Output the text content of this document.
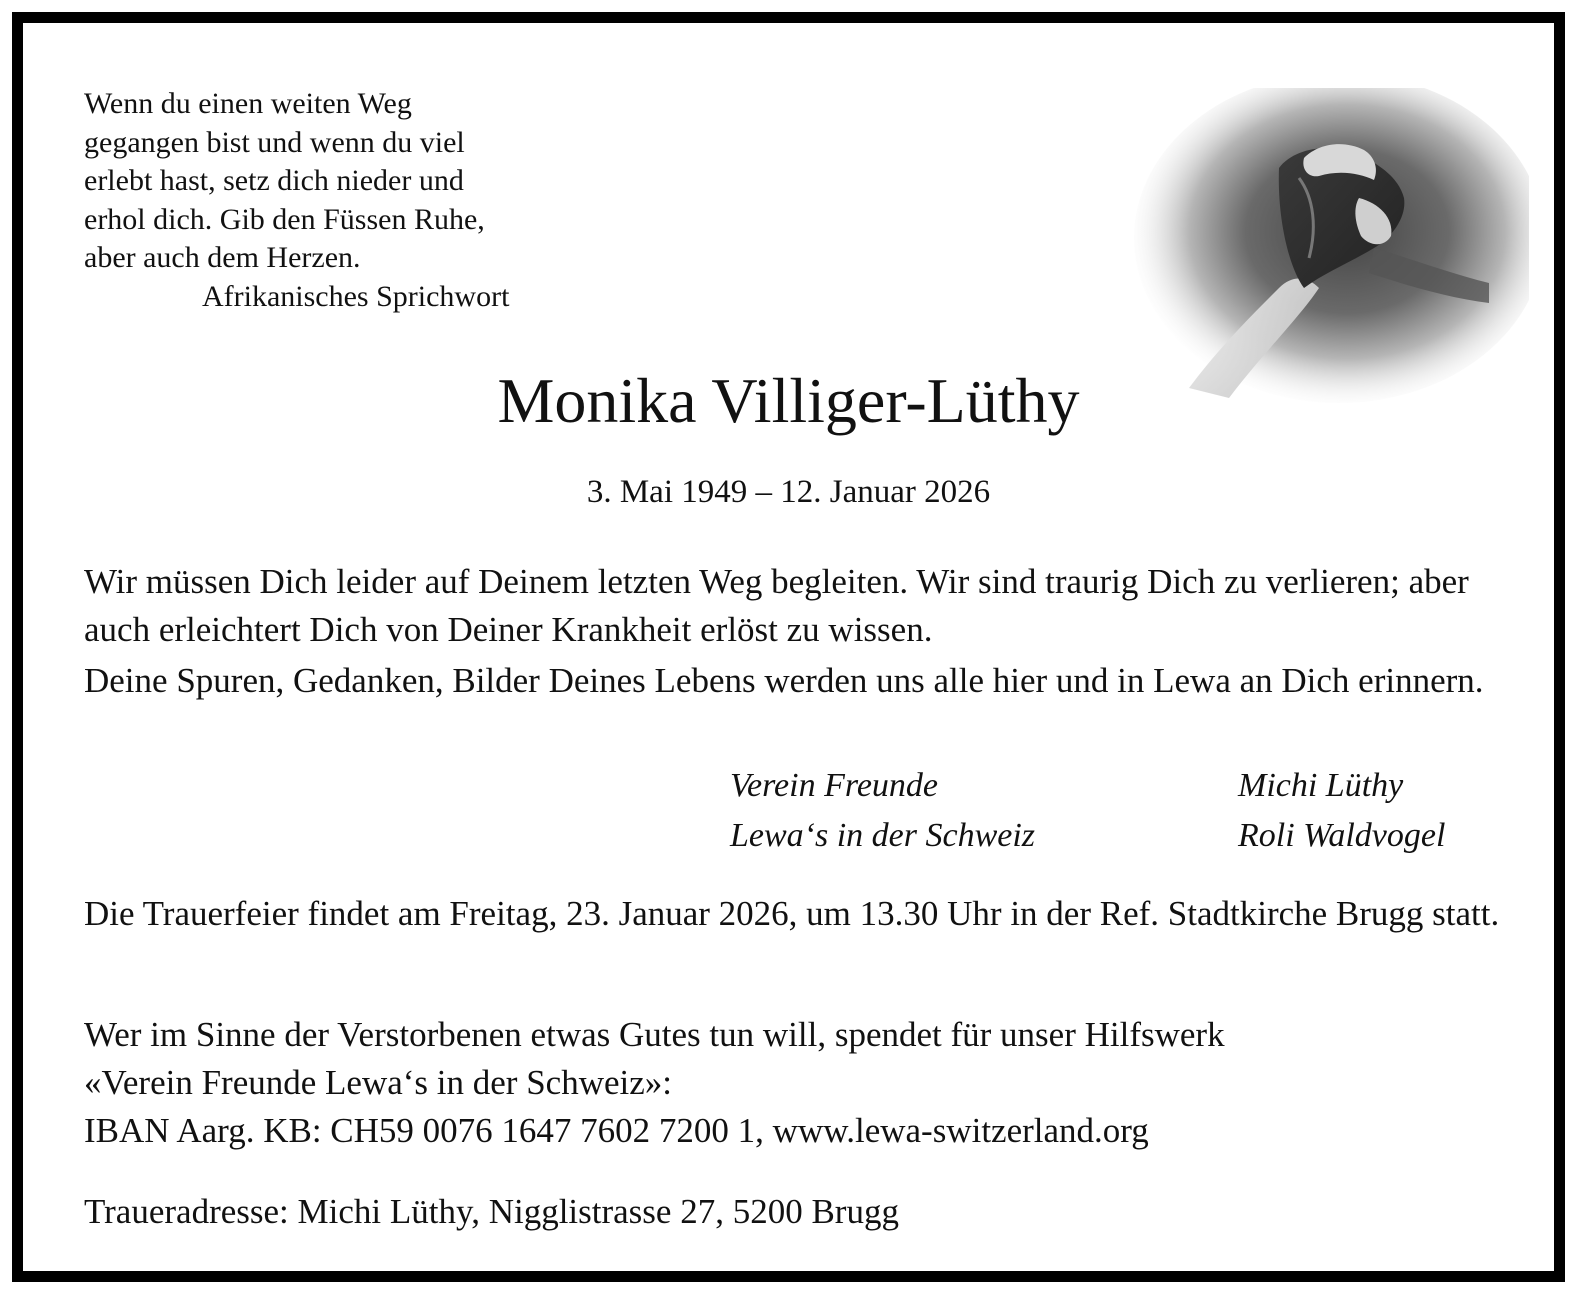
Wenn du einen weiten Weg
gegangen bist und wenn du viel
erlebt hast, setz dich nieder und
erhol dich. Gib den Füssen Ruhe,
aber auch dem Herzen.
Afrikanisches Sprichwort
Monika Villiger-Lüthy
3. Mai 1949 – 12. Januar 2026
Wir müssen Dich leider auf Deinem letzten Weg begleiten. Wir sind traurig Dich zu verlieren; aber auch erleichtert Dich von Deiner Krankheit erlöst zu wissen.
Deine Spuren, Gedanken, Bilder Deines Lebens werden uns alle hier und in Lewa an Dich erinnern.
Verein Freunde
Lewa‘s in der Schweiz
Michi Lüthy
Roli Waldvogel
Die Trauerfeier findet am Freitag, 23. Januar 2026, um 13.30 Uhr in der Ref. Stadtkirche Brugg statt.
Wer im Sinne der Verstorbenen etwas Gutes tun will, spendet für unser Hilfswerk
«Verein Freunde Lewa‘s in der Schweiz»:
IBAN Aarg. KB: CH59 0076 1647 7602 7200 1, www.lewa-switzerland.org
Traueradresse: Michi Lüthy, Nigglistrasse 27, 5200 Brugg
